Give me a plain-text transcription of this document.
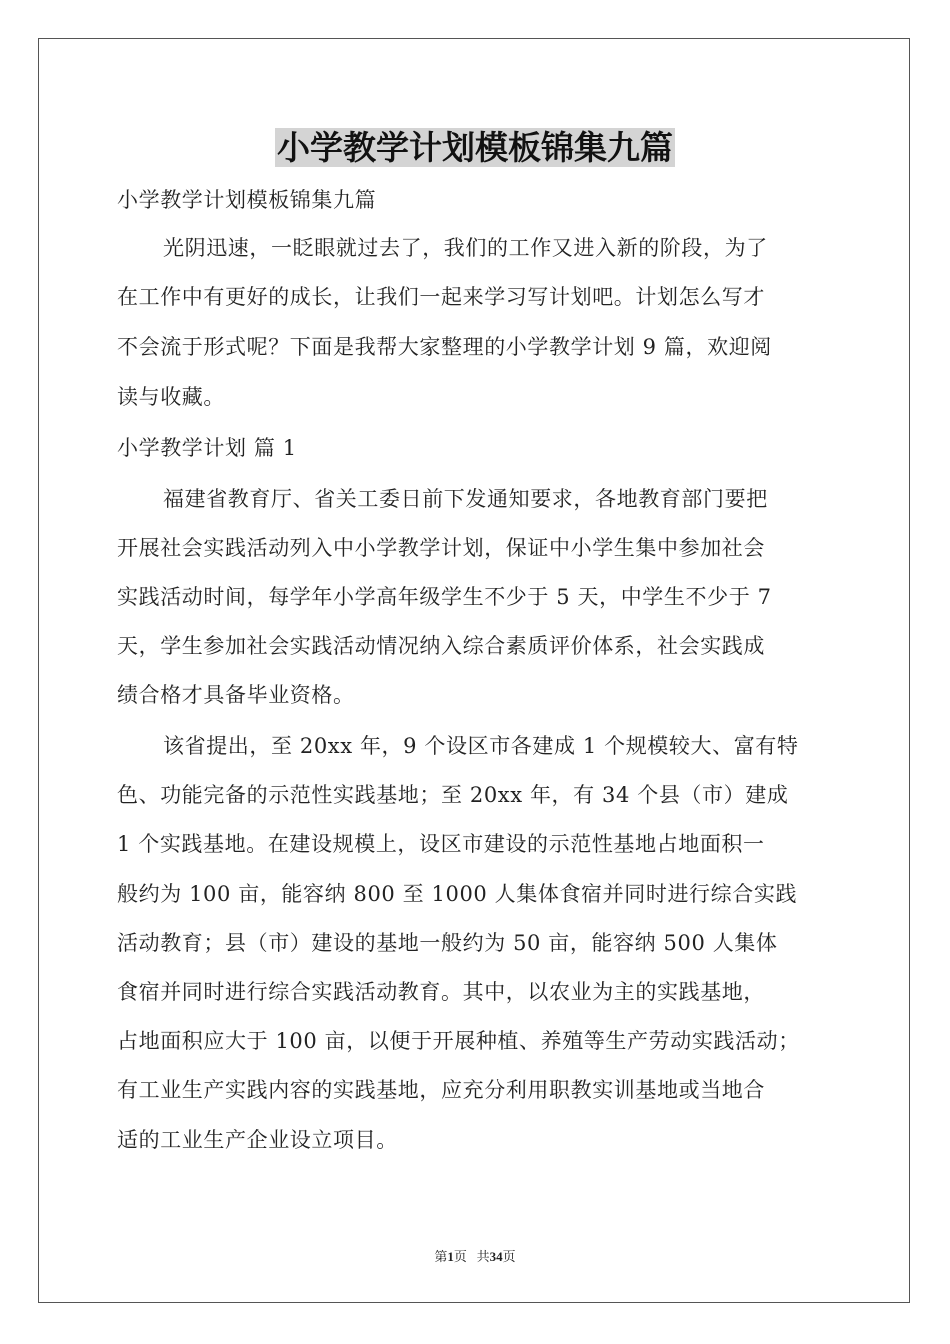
小学教学计划模板锦集九篇
小学教学计划模板锦集九篇
光阴迅速，一眨眼就过去了，我们的工作又进入新的阶段，为了
在工作中有更好的成长，让我们一起来学习写计划吧。计划怎么写才
不会流于形式呢？下面是我帮大家整理的小学教学计划 9 篇，欢迎阅
读与收藏。
小学教学计划 篇 1
福建省教育厅、省关工委日前下发通知要求，各地教育部门要把
开展社会实践活动列入中小学教学计划，保证中小学生集中参加社会
实践活动时间，每学年小学高年级学生不少于 5 天，中学生不少于 7
天，学生参加社会实践活动情况纳入综合素质评价体系，社会实践成
绩合格才具备毕业资格。
该省提出，至 20xx 年，9 个设区市各建成 1 个规模较大、富有特
色、功能完备的示范性实践基地；至 20xx 年，有 34 个县（市）建成
1 个实践基地。在建设规模上，设区市建设的示范性基地占地面积一
般约为 100 亩，能容纳 800 至 1000 人集体食宿并同时进行综合实践
活动教育；县（市）建设的基地一般约为 50 亩，能容纳 500 人集体
食宿并同时进行综合实践活动教育。其中，以农业为主的实践基地，
占地面积应大于 100 亩，以便于开展种植、养殖等生产劳动实践活动；
有工业生产实践内容的实践基地，应充分利用职教实训基地或当地合
适的工业生产企业设立项目。
第1页 共34页
